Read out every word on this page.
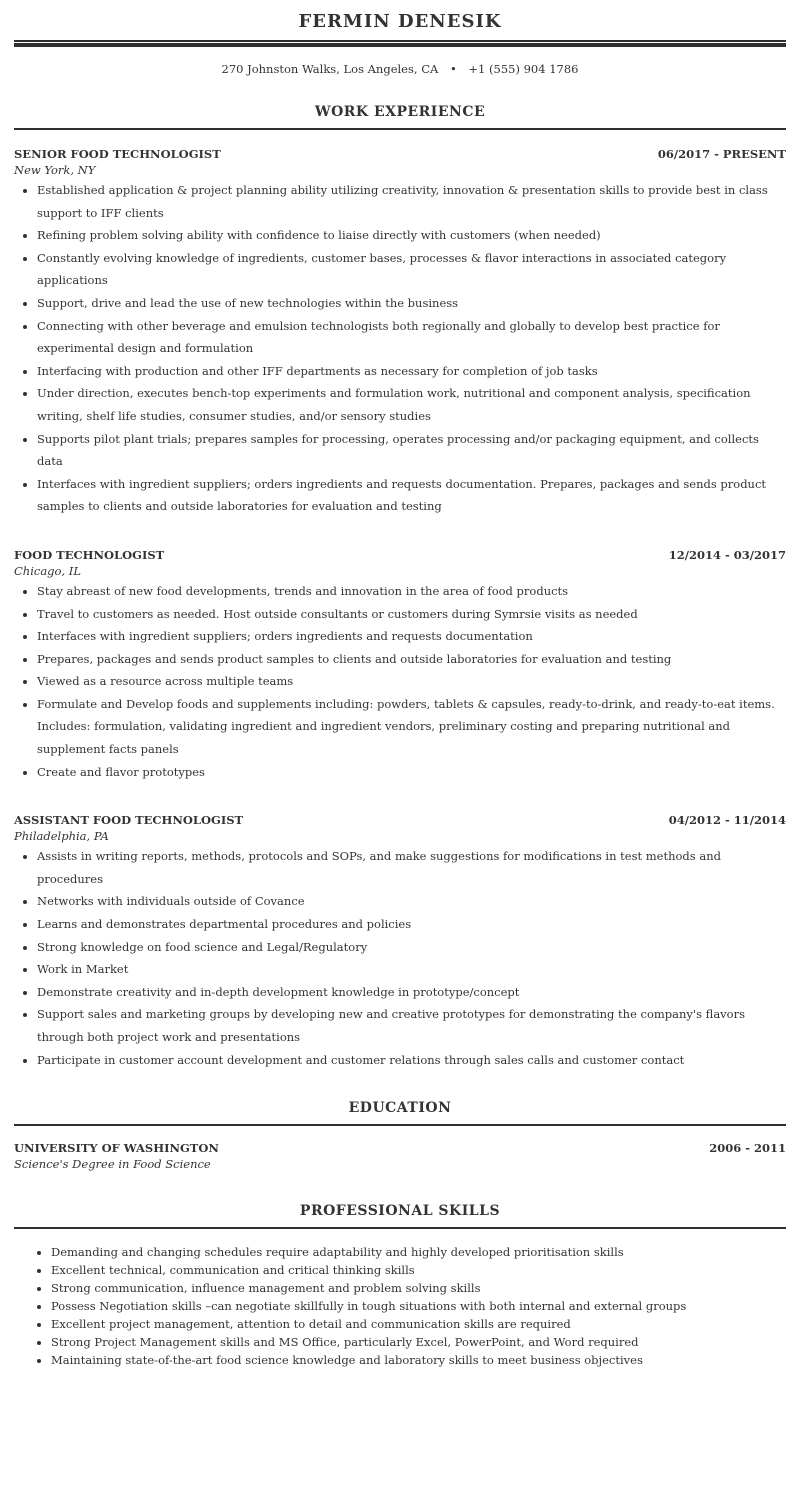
FERMIN DENESIK
270 Johnston Walks, Los Angeles, CA • +1 (555) 904 1786
WORK EXPERIENCE
SENIOR FOOD TECHNOLOGIST	06/2017 - PRESENT
New York, NY
• Established application & project planning ability utilizing creativity, innovation & presentation skills to provide best in class support to IFF clients
• Refining problem solving ability with confidence to liaise directly with customers (when needed)
• Constantly evolving knowledge of ingredients, customer bases, processes & flavor interactions in associated category applications
• Support, drive and lead the use of new technologies within the business
• Connecting with other beverage and emulsion technologists both regionally and globally to develop best practice for experimental design and formulation
• Interfacing with production and other IFF departments as necessary for completion of job tasks
• Under direction, executes bench-top experiments and formulation work, nutritional and component analysis, specification writing, shelf life studies, consumer studies, and/or sensory studies
• Supports pilot plant trials; prepares samples for processing, operates processing and/or packaging equipment, and collects data
• Interfaces with ingredient suppliers; orders ingredients and requests documentation. Prepares, packages and sends product samples to clients and outside laboratories for evaluation and testing
FOOD TECHNOLOGIST	12/2014 - 03/2017
Chicago, IL
• Stay abreast of new food developments, trends and innovation in the area of food products
• Travel to customers as needed. Host outside consultants or customers during Symrsie visits as needed
• Interfaces with ingredient suppliers; orders ingredients and requests documentation
• Prepares, packages and sends product samples to clients and outside laboratories for evaluation and testing
• Viewed as a resource across multiple teams
• Formulate and Develop foods and supplements including: powders, tablets & capsules, ready-to-drink, and ready-to-eat items. Includes: formulation, validating ingredient and ingredient vendors, preliminary costing and preparing nutritional and supplement facts panels
• Create and flavor prototypes
ASSISTANT FOOD TECHNOLOGIST	04/2012 - 11/2014
Philadelphia, PA
• Assists in writing reports, methods, protocols and SOPs, and make suggestions for modifications in test methods and procedures
• Networks with individuals outside of Covance
• Learns and demonstrates departmental procedures and policies
• Strong knowledge on food science and Legal/Regulatory
• Work in Market
• Demonstrate creativity and in-depth development knowledge in prototype/concept
• Support sales and marketing groups by developing new and creative prototypes for demonstrating the company's flavors through both project work and presentations
• Participate in customer account development and customer relations through sales calls and customer contact
EDUCATION
UNIVERSITY OF WASHINGTON	2006 - 2011
Science's Degree in Food Science
PROFESSIONAL SKILLS
• Demanding and changing schedules require adaptability and highly developed prioritisation skills
• Excellent technical, communication and critical thinking skills
• Strong communication, influence management and problem solving skills
• Possess Negotiation skills –can negotiate skillfully in tough situations with both internal and external groups
• Excellent project management, attention to detail and communication skills are required
• Strong Project Management skills and MS Office, particularly Excel, PowerPoint, and Word required
• Maintaining state-of-the-art food science knowledge and laboratory skills to meet business objectives
